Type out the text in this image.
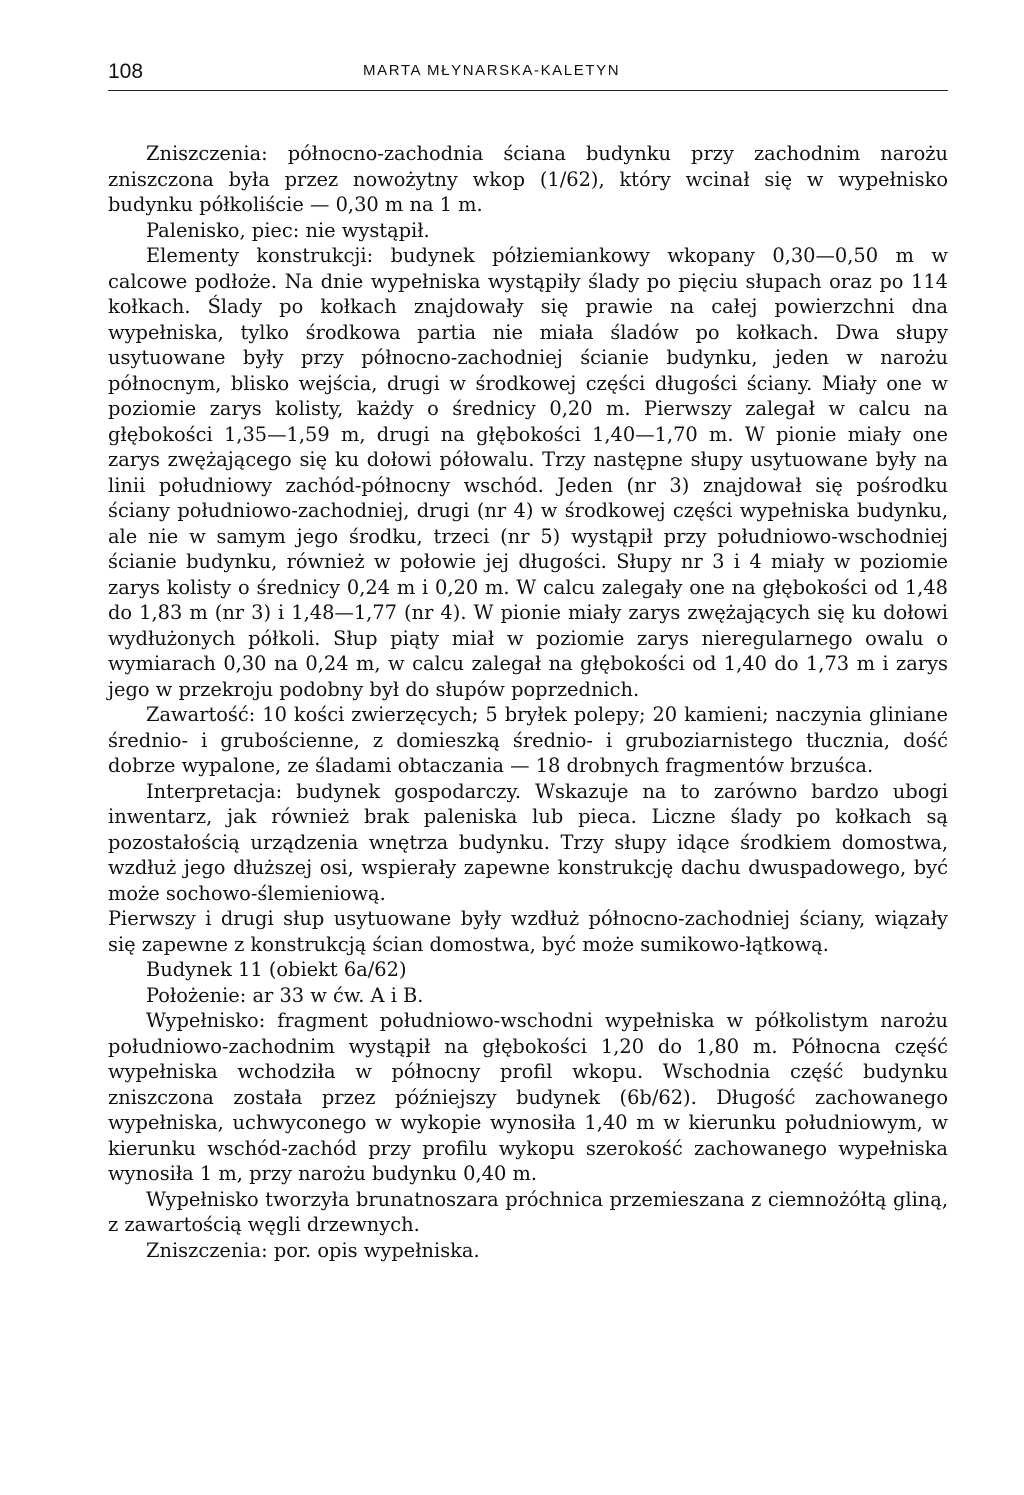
108	MARTA MŁYNARSKA-KALETYN

Zniszczenia: północno-zachodnia ściana budynku przy zachodnim narożu zniszczona była przez nowożytny wkop (1/62), który wcinał się w wypełnisko budynku półkoliście — 0,30 m na 1 m.

Palenisko, piec: nie wystąpił.

Elementy konstrukcji: budynek półziemiankowy wkopany 0,30—0,50 m w calcowe podłoże. Na dnie wypełniska wystąpiły ślady po pięciu słupach oraz po 114 kołkach. Ślady po kołkach znajdowały się prawie na całej powierzchni dna wypełniska, tylko środkowa partia nie miała śladów po kołkach. Dwa słupy usytuowane były przy północno-zachodniej ścianie budynku, jeden w narożu północnym, blisko wejścia, drugi w środkowej części długości ściany. Miały one w poziomie zarys kolisty, każdy o średnicy 0,20 m. Pierwszy zalegał w calcu na głębokości 1,35—1,59 m, drugi na głębokości 1,40—1,70 m. W pionie miały one zarys zwężającego się ku dołowi półowalu. Trzy następne słupy usytuowane były na linii południowy zachód-północny wschód. Jeden (nr 3) znajdował się pośrodku ściany południowo-zachodniej, drugi (nr 4) w środkowej części wypełniska budynku, ale nie w samym jego środku, trzeci (nr 5) wystąpił przy południowo-wschodniej ścianie budynku, również w połowie jej długości. Słupy nr 3 i 4 miały w poziomie zarys kolisty o średnicy 0,24 m i 0,20 m. W calcu zalegały one na głębokości od 1,48 do 1,83 m (nr 3) i 1,48—1,77 (nr 4). W pionie miały zarys zwężających się ku dołowi wydłużonych półkoli. Słup piąty miał w poziomie zarys nieregularnego owalu o wymiarach 0,30 na 0,24 m, w calcu zalegał na głębokości od 1,40 do 1,73 m i zarys jego w przekroju podobny był do słupów poprzednich.

Zawartość: 10 kości zwierzęcych; 5 bryłek polepy; 20 kamieni; naczynia gliniane średnio- i grubościenne, z domieszką średnio- i gruboziarnistego tłucznia, dość dobrze wypalone, ze śladami obtaczania — 18 drobnych fragmentów brzuśca.

Interpretacja: budynek gospodarczy. Wskazuje na to zarówno bardzo ubogi inwentarz, jak również brak paleniska lub pieca. Liczne ślady po kołkach są pozostałością urządzenia wnętrza budynku. Trzy słupy idące środkiem domostwa, wzdłuż jego dłuższej osi, wspierały zapewne konstrukcję dachu dwuspadowego, być może sochowo-ślemieniową.

Pierwszy i drugi słup usytuowane były wzdłuż północno-zachodniej ściany, wiązały się zapewne z konstrukcją ścian domostwa, być może sumikowo-łątkową.

Budynek 11 (obiekt 6a/62)

Położenie: ar 33 w ćw. A i B.

Wypełnisko: fragment południowo-wschodni wypełniska w półkolistym narożu południowo-zachodnim wystąpił na głębokości 1,20 do 1,80 m. Północna część wypełniska wchodziła w północny profil wkopu. Wschodnia część budynku zniszczona została przez późniejszy budynek (6b/62). Długość zachowanego wypełniska, uchwyconego w wykopie wynosiła 1,40 m w kierunku południowym, w kierunku wschód-zachód przy profilu wykopu szerokość zachowanego wypełniska wynosiła 1 m, przy narożu budynku 0,40 m.

Wypełnisko tworzyła brunatnoszara próchnica przemieszana z ciemnożółtą gliną, z zawartością węgli drzewnych.

Zniszczenia: por. opis wypełniska.
